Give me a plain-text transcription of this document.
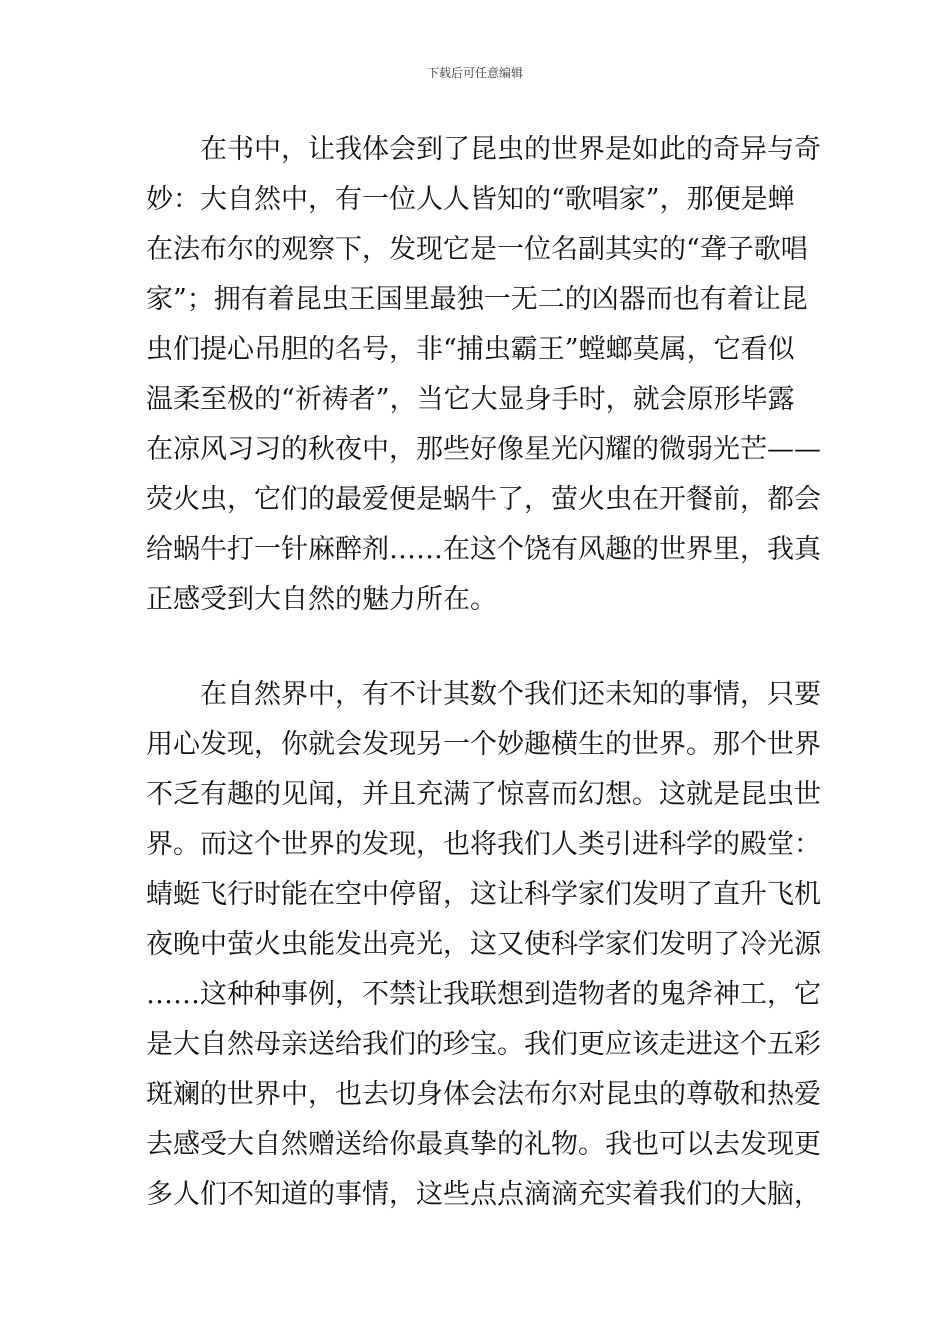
下载后可任意编辑
在书中，让我体会到了昆虫的世界是如此的奇异与奇
妙：大自然中，有一位人人皆知的“歌唱家”，那便是蝉
在法布尔的观察下，发现它是一位名副其实的“聋子歌唱
家”；拥有着昆虫王国里最独一无二的凶器而也有着让昆
虫们提心吊胆的名号，非“捕虫霸王”螳螂莫属，它看似
温柔至极的“祈祷者”，当它大显身手时，就会原形毕露
在凉风习习的秋夜中，那些好像星光闪耀的微弱光芒——
荧火虫，它们的最爱便是蜗牛了，萤火虫在开餐前，都会
给蜗牛打一针麻醉剂……在这个饶有风趣的世界里，我真
正感受到大自然的魅力所在。
在自然界中，有不计其数个我们还未知的事情，只要
用心发现，你就会发现另一个妙趣横生的世界。那个世界
不乏有趣的见闻，并且充满了惊喜而幻想。这就是昆虫世
界。而这个世界的发现，也将我们人类引进科学的殿堂：
蜻蜓飞行时能在空中停留，这让科学家们发明了直升飞机
夜晚中萤火虫能发出亮光，这又使科学家们发明了冷光源
……这种种事例，不禁让我联想到造物者的鬼斧神工，它
是大自然母亲送给我们的珍宝。我们更应该走进这个五彩
斑斓的世界中，也去切身体会法布尔对昆虫的尊敬和热爱
去感受大自然赠送给你最真挚的礼物。我也可以去发现更
多人们不知道的事情，这些点点滴滴充实着我们的大脑，
